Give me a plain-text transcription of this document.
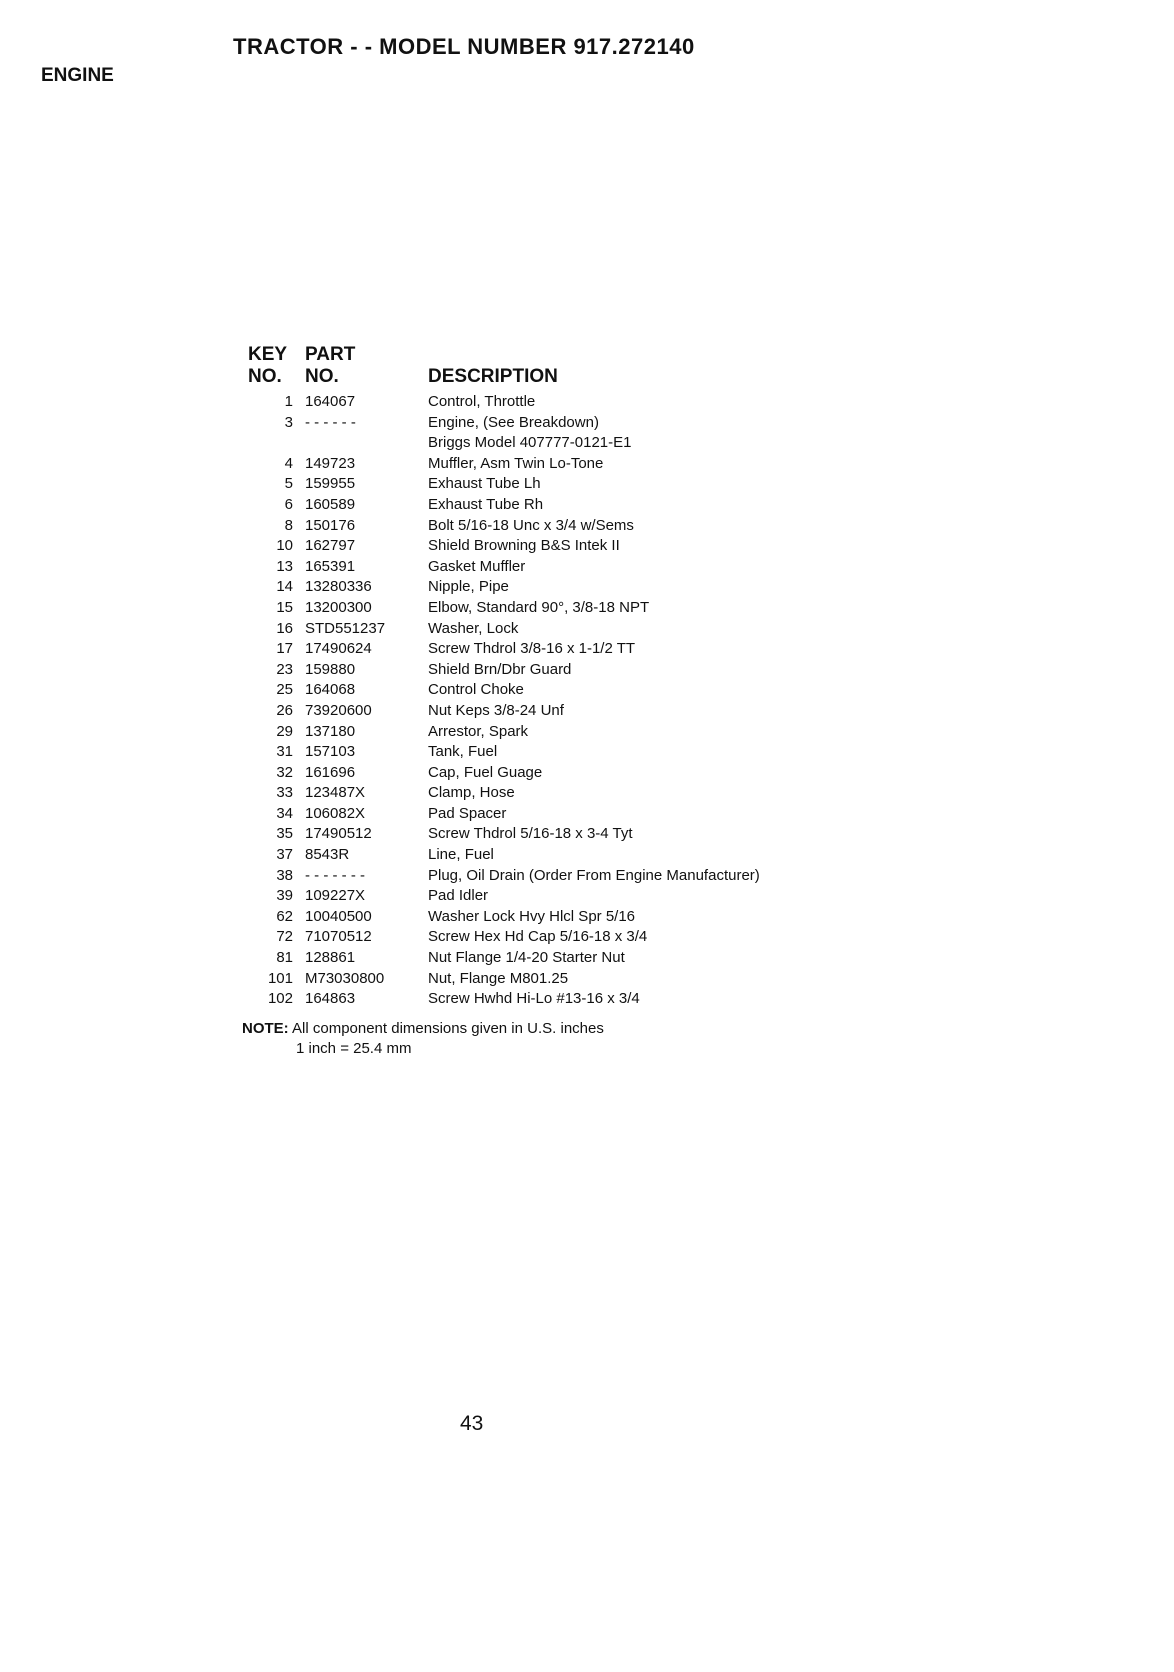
TRACTOR - - MODEL NUMBER 917.272140
ENGINE
KEY PART
NO. NO.	DESCRIPTION
1 164067	Control, Throttle
3 - - - - - -	Engine, (See Breakdown)
Briggs Model 407777-0121-E1
4 149723	Muffler, Asm Twin Lo-Tone
5 159955	Exhaust Tube Lh
6 160589	Exhaust Tube Rh
8 150176	Bolt 5/16-18 Unc x 3/4 w/Sems
10 162797	Shield Browning B&S Intek II
13 165391	Gasket Muffler
14 13280336	Nipple, Pipe
15 13200300	Elbow, Standard 90°, 3/8-18 NPT
16 STD551237	Washer, Lock
17 17490624	Screw Thdrol 3/8-16 x 1-1/2 TT
23 159880	Shield Brn/Dbr Guard
25 164068	Control Choke
26 73920600	Nut Keps 3/8-24 Unf
29 137180	Arrestor, Spark
31 157103	Tank, Fuel
32 161696	Cap, Fuel Guage
33 123487X	Clamp, Hose
34 106082X	Pad Spacer
35 17490512	Screw Thdrol 5/16-18 x 3-4 Tyt
37 8543R	Line, Fuel
38 - - - - - - -	Plug, Oil Drain (Order From Engine Manufacturer)
39 109227X	Pad Idler
62 10040500	Washer Lock Hvy Hlcl Spr 5/16
72 71070512	Screw Hex Hd Cap 5/16-18 x 3/4
81 128861	Nut Flange 1/4-20 Starter Nut
101 M73030800	Nut, Flange M801.25
102 164863	Screw Hwhd Hi-Lo #13-16 x 3/4
NOTE: All component dimensions given in U.S. inches
1 inch = 25.4 mm
43
